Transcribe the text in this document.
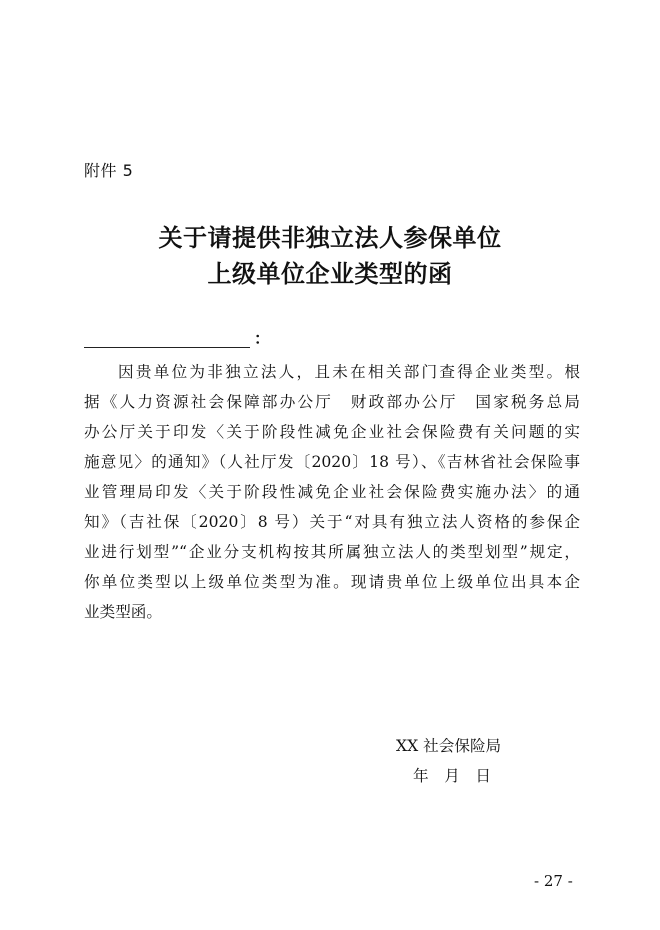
附件 5
关于请提供非独立法人参保单位
上级单位企业类型的函
：
因贵单位为非独立法人，且未在相关部门查得企业类型。根
据《人力资源社会保障部办公厅　财政部办公厅　国家税务总局
办公厅关于印发〈关于阶段性减免企业社会保险费有关问题的实
施意见〉的通知》（人社厅发〔2020〕18 号）、《吉林省社会保险事
业管理局印发〈关于阶段性减免企业社会保险费实施办法〉的通
知》（吉社保〔2020〕8 号）关于“对具有独立法人资格的参保企
业进行划型”“企业分支机构按其所属独立法人的类型划型”规定，
你单位类型以上级单位类型为准。现请贵单位上级单位出具本企
业类型函。
XX 社会保险局
年　月　日
- 27 -
